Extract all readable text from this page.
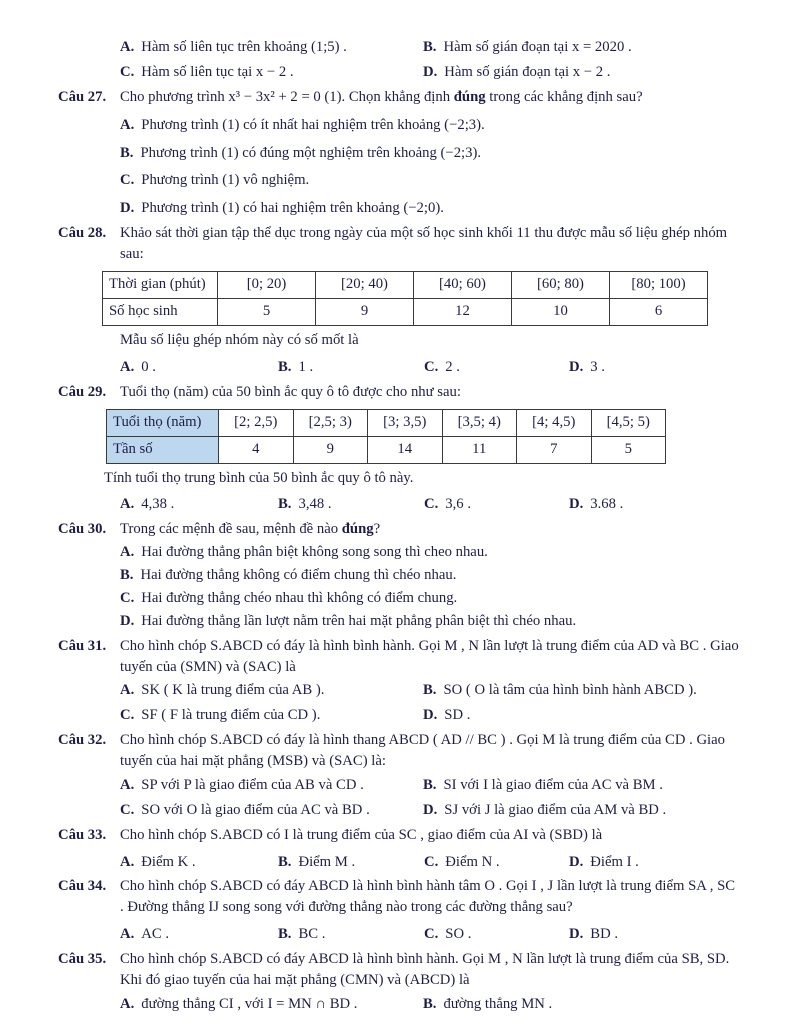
A. Hàm số liên tục trên khoảng (1;5) .	B. Hàm số gián đoạn tại x = 2020 .
C. Hàm số liên tục tại x − 2 .	D. Hàm số gián đoạn tại x − 2 .
Câu 27. Cho phương trình x³ − 3x² + 2 = 0 (1). Chọn khẳng định đúng trong các khẳng định sau?
A. Phương trình (1) có ít nhất hai nghiệm trên khoảng (−2;3).
B. Phương trình (1) có đúng một nghiệm trên khoảng (−2;3).
C. Phương trình (1) vô nghiệm.
D. Phương trình (1) có hai nghiệm trên khoảng (−2;0).
Câu 28. Khảo sát thời gian tập thể dục trong ngày của một số học sinh khối 11 thu được mẫu số liệu ghép nhóm sau:
Thời gian (phút)	[0; 20)	[20; 40)	[40; 60)	[60; 80)	[80; 100)
Số học sinh	5	9	12	10	6
Mẫu số liệu ghép nhóm này có số mốt là
A. 0 .	B. 1 .	C. 2 .	D. 3 .
Câu 29. Tuổi thọ (năm) của 50 bình ắc quy ô tô được cho như sau:
Tuổi thọ (năm)	[2; 2,5)	[2,5; 3)	[3; 3,5)	[3,5; 4)	[4; 4,5)	[4,5; 5)
Tần số	4	9	14	11	7	5
Tính tuổi thọ trung bình của 50 bình ắc quy ô tô này.
A. 4,38 .	B. 3,48 .	C. 3,6 .	D. 3.68 .
Câu 30. Trong các mệnh đề sau, mệnh đề nào đúng?
A. Hai đường thẳng phân biệt không song song thì cheo nhau.
B. Hai đường thẳng không có điểm chung thì chéo nhau.
C. Hai đường thẳng chéo nhau thì không có điểm chung.
D. Hai đường thẳng lần lượt nằm trên hai mặt phẳng phân biệt thì chéo nhau.
Câu 31. Cho hình chóp S.ABCD có đáy là hình bình hành. Gọi M , N lần lượt là trung điểm của AD và BC . Giao tuyến của (SMN) và (SAC) là
A. SK ( K là trung điểm của AB ).	B. SO ( O là tâm của hình bình hành ABCD ).
C. SF ( F là trung điểm của CD ).	D. SD .
Câu 32. Cho hình chóp S.ABCD có đáy là hình thang ABCD ( AD // BC ) . Gọi M là trung điểm của CD . Giao tuyến của hai mặt phẳng (MSB) và (SAC) là:
A. SP với P là giao điểm của AB và CD .	B. SI với I là giao điểm của AC và BM .
C. SO với O là giao điểm của AC và BD .	D. SJ với J là giao điểm của AM và BD .
Câu 33. Cho hình chóp S.ABCD có I là trung điểm của SC , giao điểm của AI và (SBD) là
A. Điểm K .	B. Điểm M .	C. Điểm N .	D. Điểm I .
Câu 34. Cho hình chóp S.ABCD có đáy ABCD là hình bình hành tâm O . Gọi I , J lần lượt là trung điểm SA , SC . Đường thẳng IJ song song với đường thẳng nào trong các đường thẳng sau?
A. AC .	B. BC .	C. SO .	D. BD .
Câu 35. Cho hình chóp S.ABCD có đáy ABCD là hình bình hành. Gọi M , N lần lượt là trung điểm của SB, SD. Khi đó giao tuyến của hai mặt phẳng (CMN) và (ABCD) là
A. đường thẳng CI , với I = MN ∩ BD .	B. đường thẳng MN .
